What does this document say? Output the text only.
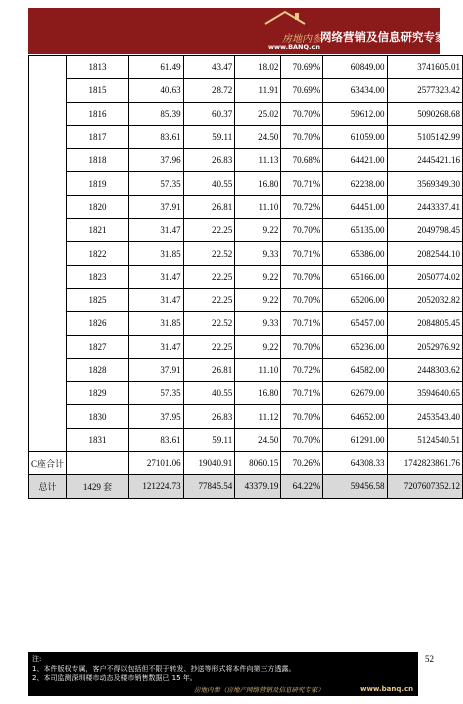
房地内参
www.BANQ.cn
网络营销及信息研究专家
	1813	61.49	43.47	18.02	70.69%	60849.00	3741605.01
	1815	40.63	28.72	11.91	70.69%	63434.00	2577323.42
	1816	85.39	60.37	25.02	70.70%	59612.00	5090268.68
	1817	83.61	59.11	24.50	70.70%	61059.00	5105142.99
	1818	37.96	26.83	11.13	70.68%	64421.00	2445421.16
	1819	57.35	40.55	16.80	70.71%	62238.00	3569349.30
	1820	37.91	26.81	11.10	70.72%	64451.00	2443337.41
	1821	31.47	22.25	9.22	70.70%	65135.00	2049798.45
	1822	31.85	22.52	9.33	70.71%	65386.00	2082544.10
	1823	31.47	22.25	9.22	70.70%	65166.00	2050774.02
	1825	31.47	22.25	9.22	70.70%	65206.00	2052032.82
	1826	31.85	22.52	9.33	70.71%	65457.00	2084805.45
	1827	31.47	22.25	9.22	70.70%	65236.00	2052976.92
	1828	37.91	26.81	11.10	70.72%	64582.00	2448303.62
	1829	57.35	40.55	16.80	70.71%	62679.00	3594640.65
	1830	37.95	26.83	11.12	70.70%	64652.00	2453543.40
	1831	83.61	59.11	24.50	70.70%	61291.00	5124540.51
C座合计		27101.06	19040.91	8060.15	70.26%	64308.33	1742823861.76
总计	1429 套	121224.73	77845.54	43379.19	64.22%	59456.58	7207607352.12
52
注:
1、本件版权专属，客户不得以包括但不限于转发、抄送等形式将本件向第三方透露。
2、本司监测深圳楼市动态及楼市销售数据已 15 年。
房地内参（房地产网络营销及信息研究专家）	www.banq.cn
